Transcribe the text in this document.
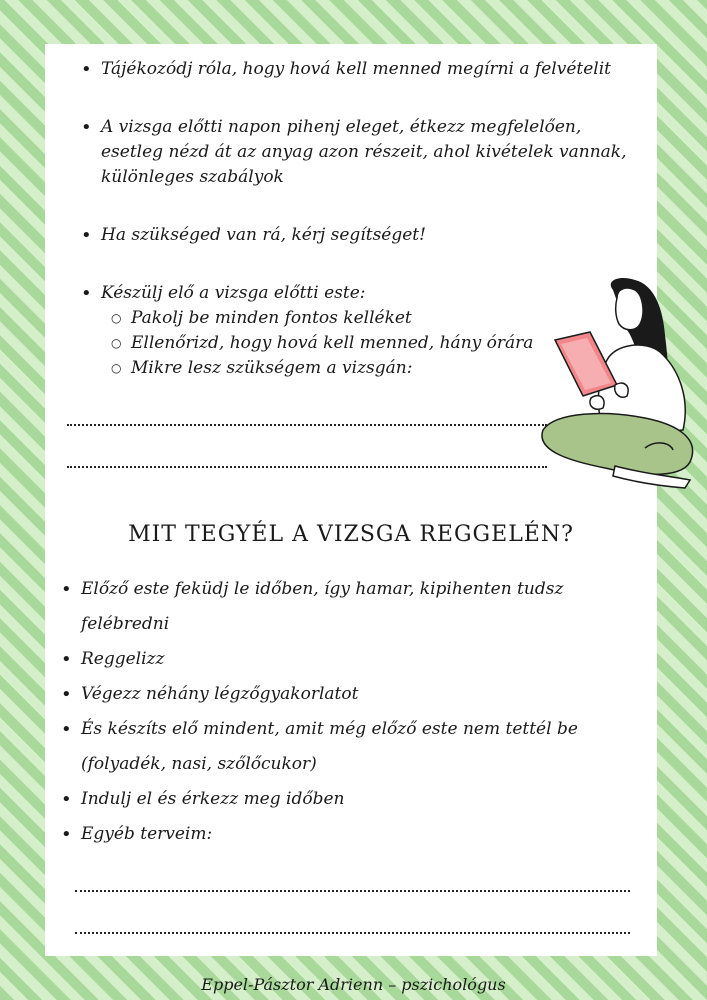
• Tájékozódj róla, hogy hová kell menned megírni a felvételit
• A vizsga előtti napon pihenj eleget, étkezz megfelelően, esetleg nézd át az anyag azon részeit, ahol kivételek vannak, különleges szabályok
• Ha szükséged van rá, kérj segítséget!
• Készülj elő a vizsga előtti este:
○ Pakolj be minden fontos kelléket
○ Ellenőrizd, hogy hová kell menned, hány órára
○ Mikre lesz szükségem a vizsgán:
MIT TEGYÉL A VIZSGA REGGELÉN?
• Előző este feküdj le időben, így hamar, kipihenten tudsz felébredni
• Reggelizz
• Végezz néhány légzőgyakorlatot
• És készíts elő mindent, amit még előző este nem tettél be (folyadék, nasi, szőlőcukor)
• Indulj el és érkezz meg időben
• Egyéb terveim:
Eppel-Pásztor Adrienn – pszichológus
